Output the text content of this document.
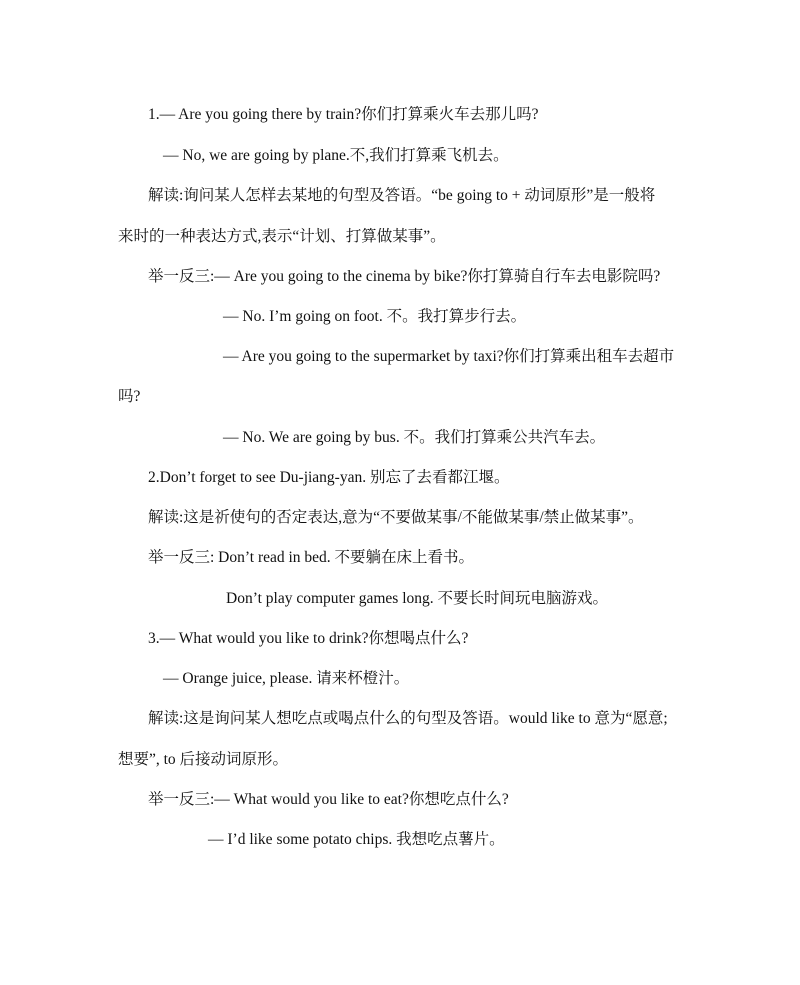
1.— Are you going there by train?你们打算乘火车去那儿吗?
— No, we are going by plane.不,我们打算乘飞机去。
解读:询问某人怎样去某地的句型及答语。“be going to + 动词原形”是一般将
来时的一种表达方式,表示“计划、打算做某事”。
举一反三:— Are you going to the cinema by bike?你打算骑自行车去电影院吗?
— No. I’m going on foot. 不。我打算步行去。
— Are you going to the supermarket by taxi?你们打算乘出租车去超市
吗?
— No. We are going by bus. 不。我们打算乘公共汽车去。
2.Don’t forget to see Du-jiang-yan. 别忘了去看都江堰。
解读:这是祈使句的否定表达,意为“不要做某事/不能做某事/禁止做某事”。
举一反三: Don’t read in bed. 不要躺在床上看书。
Don’t play computer games long. 不要长时间玩电脑游戏。
3.— What would you like to drink?你想喝点什么?
— Orange juice, please. 请来杯橙汁。
解读:这是询问某人想吃点或喝点什么的句型及答语。would like to 意为“愿意;
想要”, to 后接动词原形。
举一反三:— What would you like to eat?你想吃点什么?
— I’d like some potato chips. 我想吃点薯片。
